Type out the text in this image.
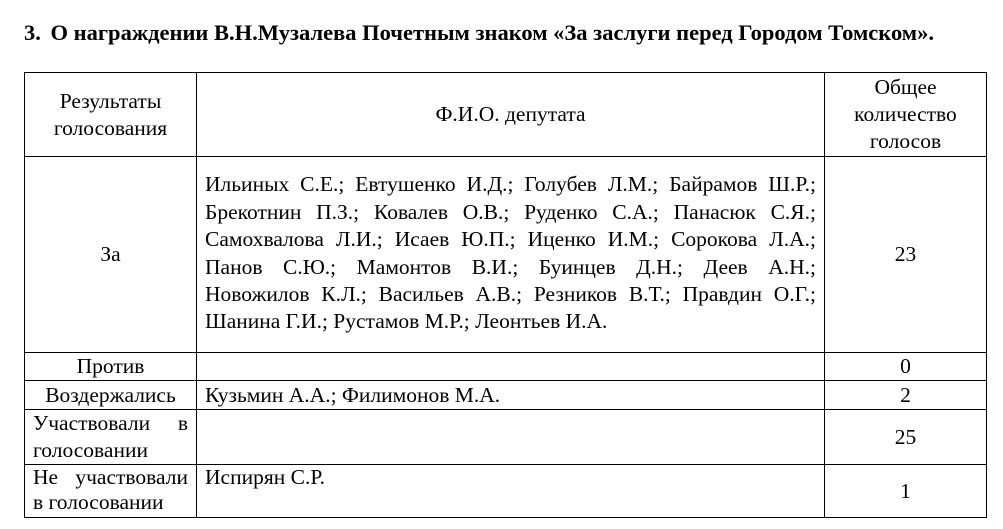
3. О награждении В.Н.Музалева Почетным знаком «За заслуги перед Городом Томском».
Результаты голосования	Ф.И.О. депутата	Общее количество голосов
За	Ильиных С.Е.; Евтушенко И.Д.; Голубев Л.М.; Байрамов Ш.Р.; Брекотнин П.З.; Ковалев О.В.; Руденко С.А.; Панасюк С.Я.; Самохвалова Л.И.; Исаев Ю.П.; Иценко И.М.; Сорокова Л.А.; Панов С.Ю.; Мамонтов В.И.; Буинцев Д.Н.; Деев А.Н.; Новожилов К.Л.; Васильев А.В.; Резников В.Т.; Правдин О.Г.; Шанина Г.И.; Рустамов М.Р.; Леонтьев И.А.	23
Против		0
Воздержались	Кузьмин А.А.; Филимонов М.А.	2
Участвовали в голосовании		25
Не участвовали в голосовании	Испирян С.Р.	1
